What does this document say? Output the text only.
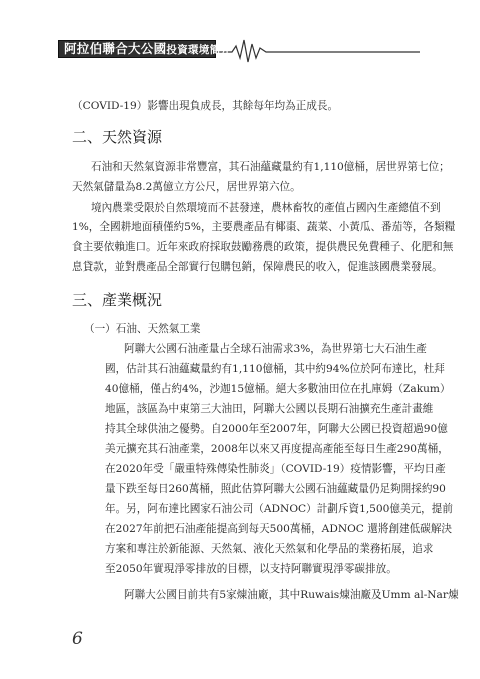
阿拉伯聯合大公國投資環境簡介

（COVID-19）影響出現負成長，其餘每年均為正成長。

二、天然資源

石油和天然氣資源非常豐富，其石油蘊藏量約有1,110億桶，居世界第七位；

天然氣儲量為8.2萬億立方公尺，居世界第六位。

境內農業受限於自然環境而不甚發達，農林畜牧的產值占國內生產總值不到

1%，全國耕地面積僅約5%，主要農產品有椰棗、蔬菜、小黃瓜、番茄等，各類糧

食主要依賴進口。近年來政府採取鼓勵務農的政策，提供農民免費種子、化肥和無

息貸款，並對農產品全部實行包購包銷，保障農民的收入，促進該國農業發展。

三、產業概況

（一）石油、天然氣工業

阿聯大公國石油產量占全球石油需求3%，為世界第七大石油生產

國，估計其石油蘊藏量約有1,110億桶，其中約94%位於阿布達比，杜拜

40億桶，僅占約4%，沙迦15億桶。絕大多數油田位在扎庫姆（Zakum）

地區，該區為中東第三大油田，阿聯大公國以長期石油擴充生產計畫維

持其全球供油之優勢。自2000年至2007年，阿聯大公國已投資超過90億

美元擴充其石油產業，2008年以來又再度提高產能至每日生產290萬桶，

在2020年受「嚴重特殊傳染性肺炎」（COVID-19）疫情影響，平均日產

量下跌至每日260萬桶，照此估算阿聯大公國石油蘊藏量仍足夠開採約90

年。另，阿布達比國家石油公司（ADNOC）計劃斥資1,500億美元，提前

在2027年前把石油產能提高到每天500萬桶，ADNOC 還將創建低碳解決

方案和專注於新能源、天然氣、液化天然氣和化學品的業務拓展，追求

至2050年實現淨零排放的目標，以支持阿聯實現淨零碳排放。

阿聯大公國目前共有5家煉油廠，其中Ruwais煉油廠及Umm al-Nar煉

6
